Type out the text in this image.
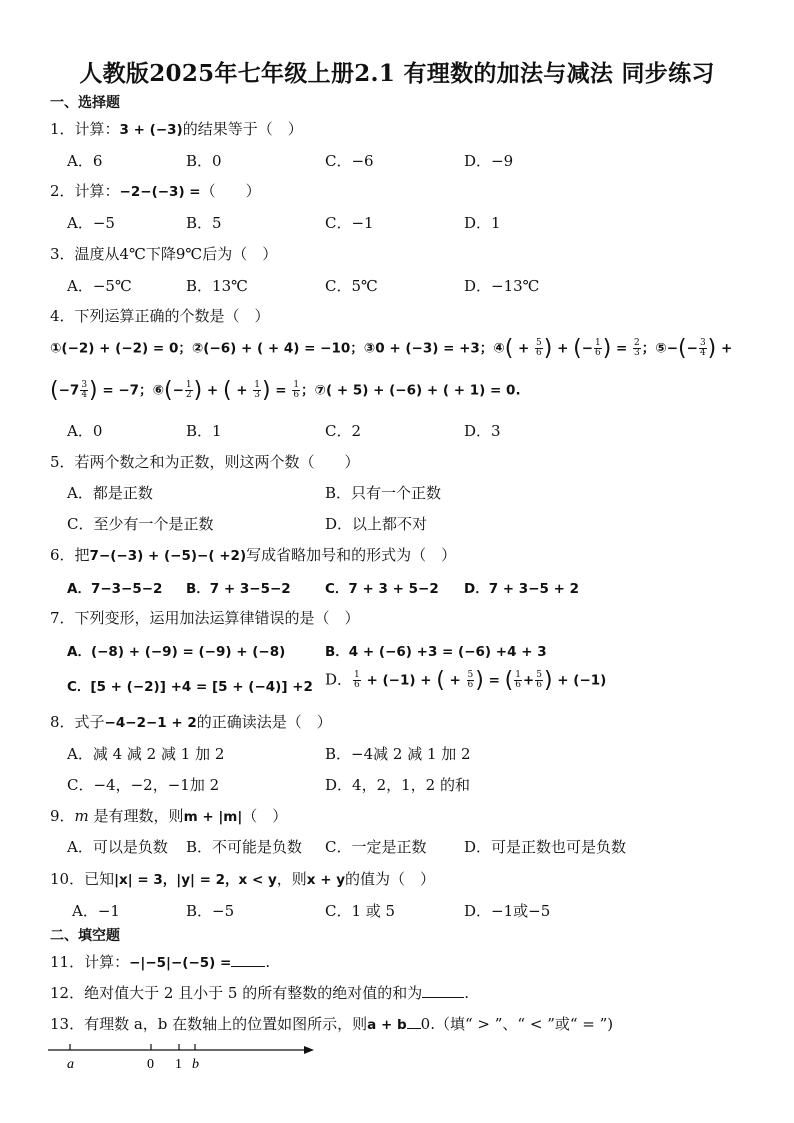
人教版2025年七年级上册2.1 有理数的加法与减法 同步练习
一、选择题
1．计算：3 + (−3)的结果等于（　）
A．6	B．0	C．−6	D．−9
2．计算：−2−(−3) =（　　）
A．−5	B．5	C．−1	D．1
3．温度从4℃下降9℃后为（　）
A．−5℃	B．13℃	C．5℃	D．−13℃
4．下列运算正确的个数是（　）
①(−2) + (−2) = 0；②(−6) + ( + 4) = −10；③0 + (−3) = +3；④( + $\frac{5}{6}$ ) + (− $\frac{1}{6}$ ) = $\frac{2}{3}$ ；⑤−(− $\frac{3}{4}$ ) +
($-7 \frac{3}{4}$ ) = −7；⑥(− $\frac{1}{2}$ ) + ( + $\frac{1}{3}$ ) = $\frac{1}{6}$ ；⑦( + 5) + (−6) + ( + 1) = 0.
A．0	B．1	C．2	D．3
5．若两个数之和为正数，则这两个数（　　）
A．都是正数	B．只有一个正数
C．至少有一个是正数	D．以上都不对
6．把7−(−3) + (−5)−( +2)写成省略加号和的形式为（　）
A．7−3−5−2 B．7 + 3−5−2	C．7 + 3 + 5−2 D．7 + 3−5 + 2
7．下列变形，运用加法运算律错误的是（　）
A．(−8) + (−9) = (−9) + (−8)	B．4 + (−6) +3 = (−6) +4 + 3
C．[5 + (−2)] +4 = [5 + (−4)] +2 D． $\frac{1}{6} + (-1)$ + ( + $\frac{5}{6}$ ) = ( $\frac{1}{6} + \frac{5}{6}$ ) + (−1)
8．式子−4−2−1 + 2的正确读法是（　）
A．减 4 减 2 减 1 加 2	B．−4减 2 减 1 加 2
C．−4，−2，−1加 2	D．4，2，1，2 的和
9．m 是有理数，则m + |m|（　）
A．可以是负数 B．不可能是负数 C．一定是正数	D．可是正数也可是负数
10．已知|x| = 3，|y| = 2，x < y，则x + y的值为（　）
A．−1	B．−5	C．1 或 5	D．−1或−5
二、填空题
11．计算：−|−5|−(−5) = .
12．绝对值大于 2 且小于 5 的所有整数的绝对值的和为	.
13．有理数 a，b 在数轴上的位置如图所示，则a + b 0.（填“ > ”、“ < ”或“ = ”)
a	0 1 b
